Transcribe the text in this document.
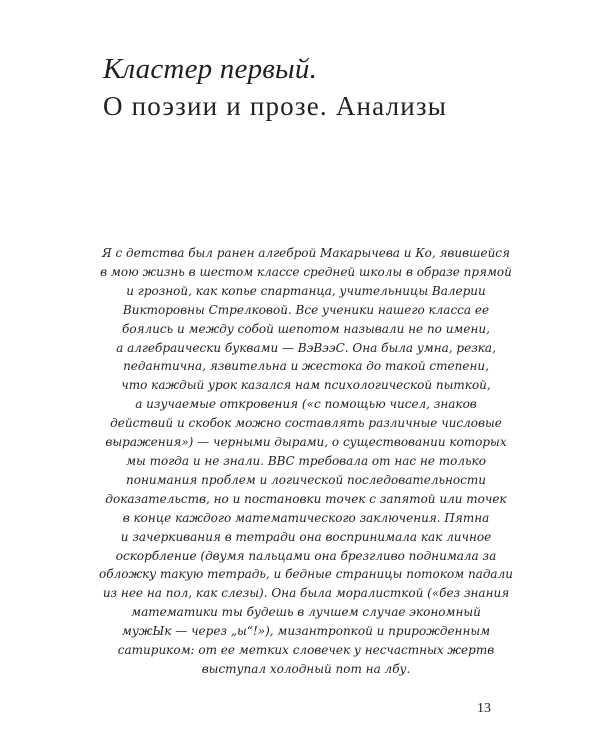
Кластер первый.
О поэзии и прозе. Анализы
Я с детства был ранен алгеброй Макарычева и Ко, явившейся
в мою жизнь в шестом классе средней школы в образе прямой
и грозной, как копье спартанца, учительницы Валерии
Викторовны Стрелковой. Все ученики нашего класса ее
боялись и между собой шепотом называли не по имени,
а алгебраически буквами — ВэВээС. Она была умна, резка,
педантична, язвительна и жестока до такой степени,
что каждый урок казался нам психологической пыткой,
а изучаемые откровения («с помощью чисел, знаков
действий и скобок можно составлять различные числовые
выражения») — черными дырами, о существовании которых
мы тогда и не знали. ВВС требовала от нас не только
понимания проблем и логической последовательности
доказательств, но и постановки точек с запятой или точек
в конце каждого математического заключения. Пятна
и зачеркивания в тетради она воспринимала как личное
оскорбление (двумя пальцами она брезгливо поднимала за
обложку такую тетрадь, и бедные страницы потоком падали
из нее на пол, как слезы). Она была моралисткой («без знания
математики ты будешь в лучшем случае экономный
мужЫк — через „ы“!»), мизантропкой и прирожденным
сатириком: от ее метких словечек у несчастных жертв
выступал холодный пот на лбу.
13
